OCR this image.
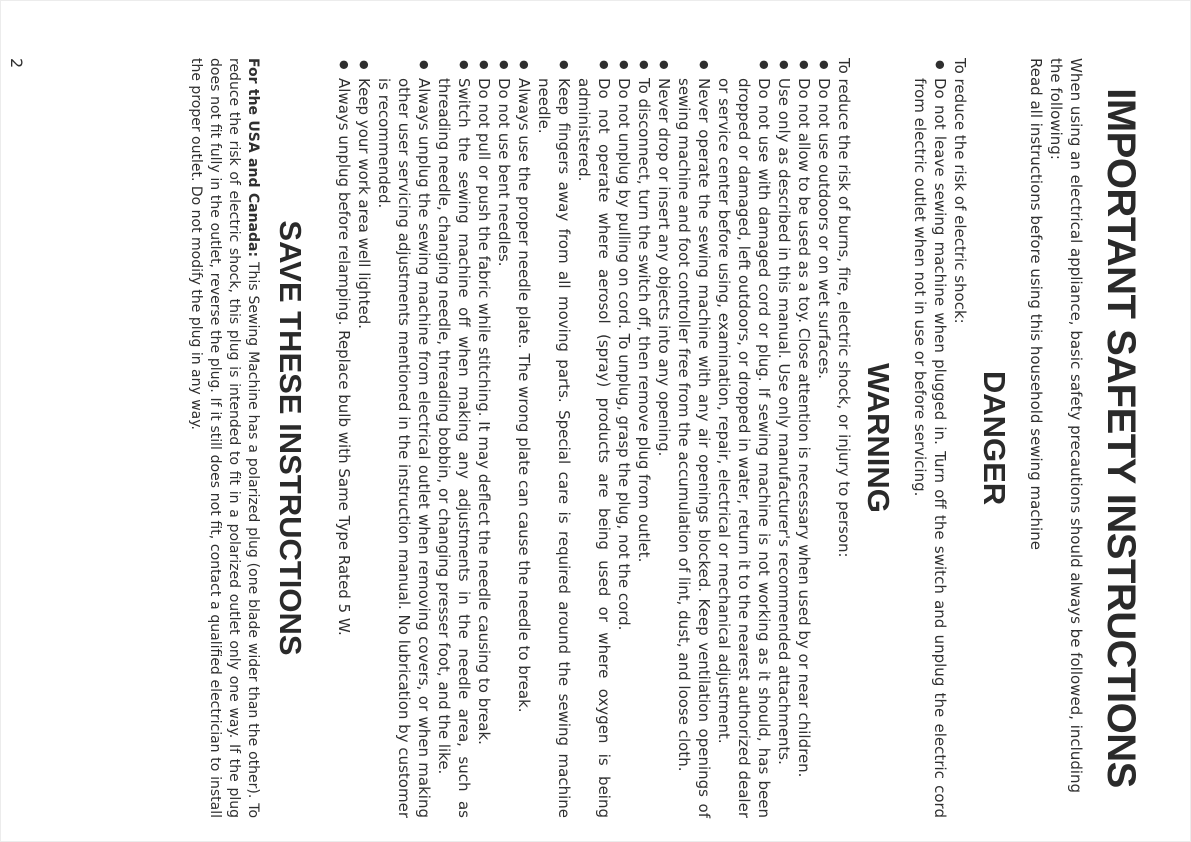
IMPORTANT SAFETY INSTRUCTIONS

When using an electrical appliance, basic safety precautions should always be followed, including the following:

Read all instructions before using this household sewing machine

DANGER

To reduce the risk of electric shock:

● Do not leave sewing machine when plugged in. Turn off the switch and unplug the electric cord from electric outlet when not in use or before servicing.
WARNING

To reduce the risk of burns, fire, electric shock, or injury to person:

● Do not use outdoors or on wet surfaces.
● Do not allow to be used as a toy. Close attention is necessary when used by or near children.
● Use only as described in this manual. Use only manufacturer's recommended attachments.
● Do not use with damaged cord or plug. If sewing machine is not working as it should, has been dropped or damaged, left outdoors, or dropped in water, return it to the nearest authorized dealer or service center before using, examination, repair, electrical or mechanical adjustment.
● Never operate the sewing machine with any air openings blocked. Keep ventilation openings of sewing machine and foot controller free from the accumulation of lint, dust, and loose cloth.
● Never drop or insert any objects into any opening.
● To disconnect, turn the switch off, then remove plug from outlet.
● Do not unplug by pulling on cord. To unplug, grasp the plug, not the cord.
● Do not operate where aerosol (spray) products are being used or where oxygen is being administered.
● Keep fingers away from all moving parts. Special care is required around the sewing machine needle.
● Always use the proper needle plate. The wrong plate can cause the needle to break.
● Do not use bent needles.
● Do not pull or push the fabric while stitching. It may deflect the needle causing to break.
● Switch the sewing machine off when making any adjustments in the needle area, such as threading needle, changing needle, threading bobbin, or changing presser foot, and the like.
● Always unplug the sewing machine from electrical outlet when removing covers, or when making other user servicing adjustments mentioned in the instruction manual. No lubrication by customer is recommended.
● Keep your work area well lighted.
● Always unplug before relamping. Replace bulb with Same Type Rated 5 W.
SAVE THESE INSTRUCTIONS

For the USA and Canada: This Sewing Machine has a polarized plug (one blade wider than the other). To reduce the risk of electric shock, this plug is intended to fit in a polarized outlet only one way. If the plug does not fit fully in the outlet, reverse the plug. If it still does not fit, contact a qualified electrician to install the proper outlet. Do not modify the plug in any way.

2
